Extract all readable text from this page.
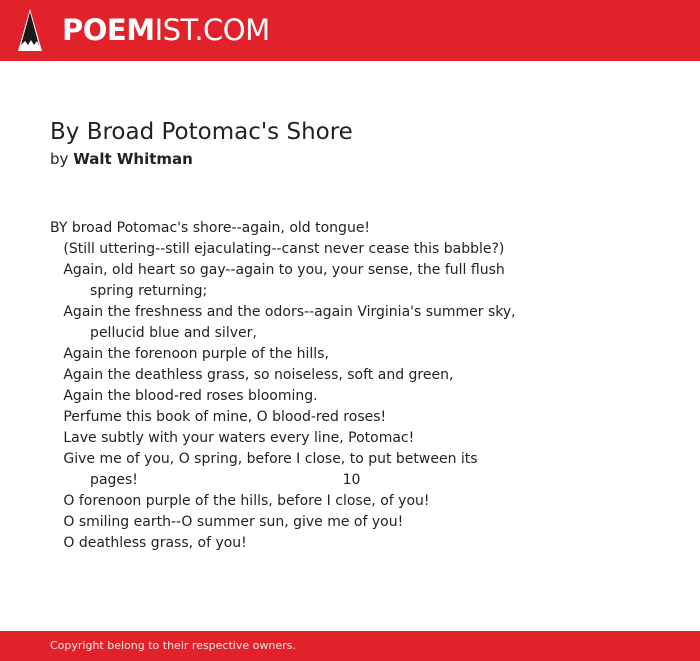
POEMIST.COM
By Broad Potomac's Shore
by Walt Whitman
BY broad Potomac's shore--again, old tongue!
(Still uttering--still ejaculating--canst never cease this babble?)
Again, old heart so gay--again to you, your sense, the full flush
spring returning;
Again the freshness and the odors--again Virginia's summer sky,
pellucid blue and silver,
Again the forenoon purple of the hills,
Again the deathless grass, so noiseless, soft and green,
Again the blood-red roses blooming.
Perfume this book of mine, O blood-red roses!
Lave subtly with your waters every line, Potomac!
Give me of you, O spring, before I close, to put between its
pages!                                              10
O forenoon purple of the hills, before I close, of you!
O smiling earth--O summer sun, give me of you!
O deathless grass, of you!
Copyright belong to their respective owners.
